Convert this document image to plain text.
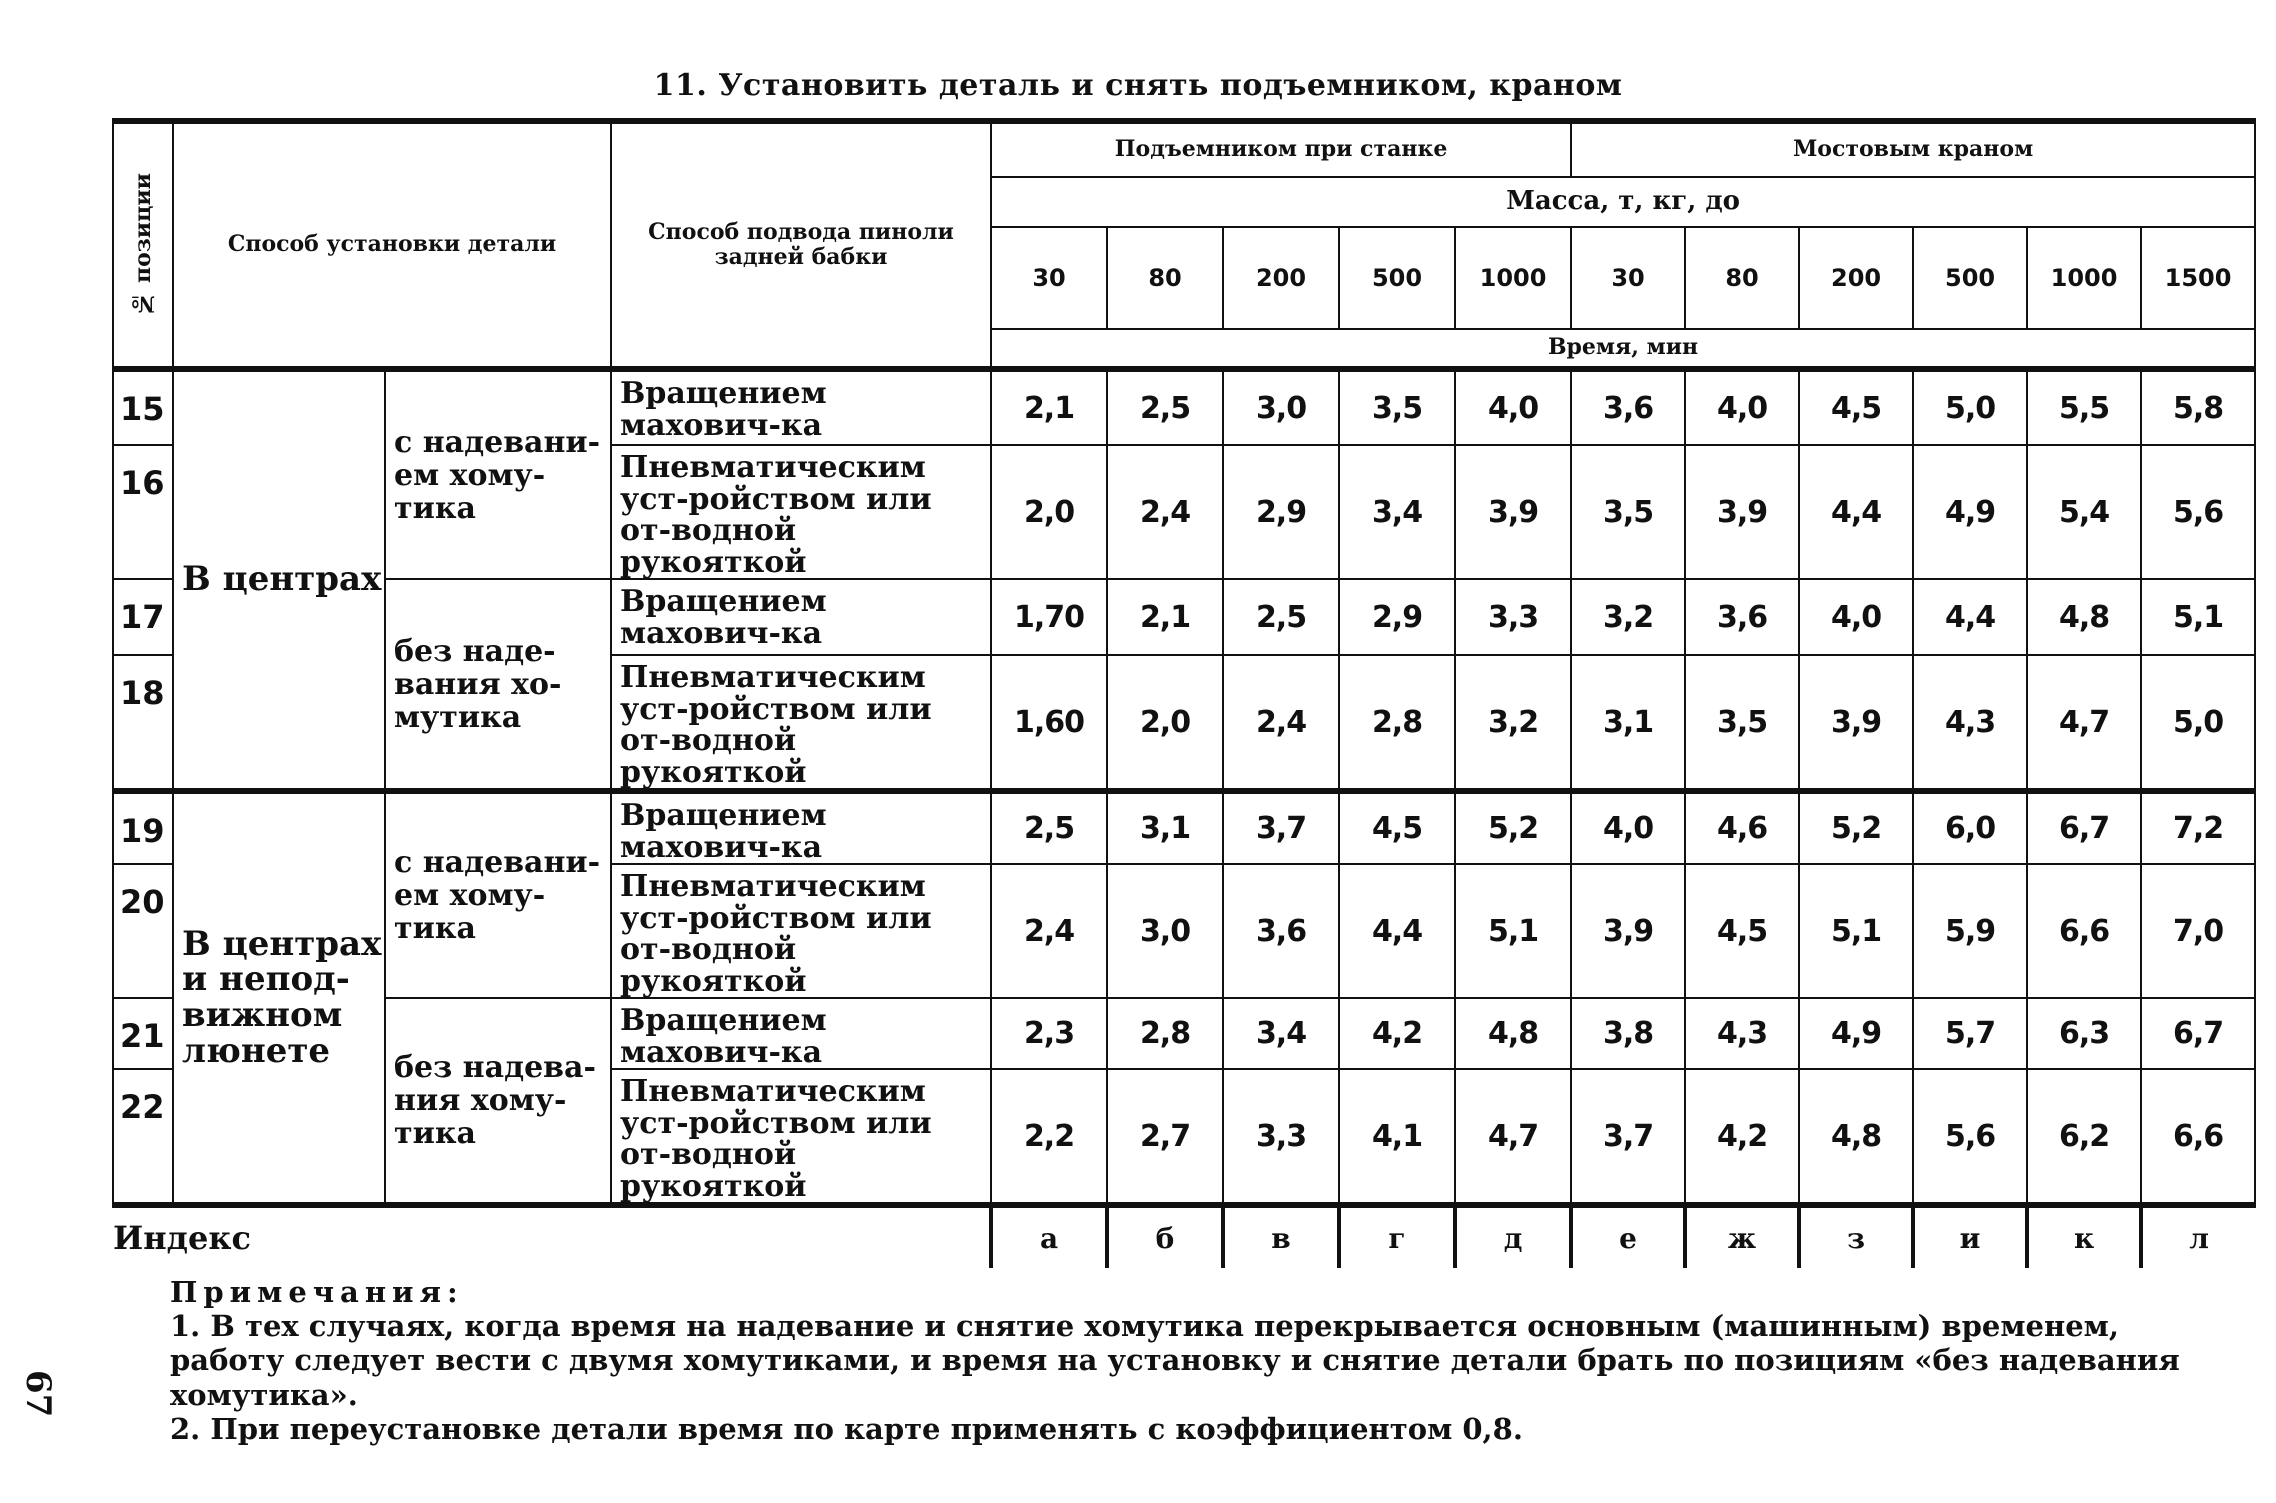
11. Установить деталь и снять подъемником, краном
№ позиции	Способ установки детали		Способ подвода пиноли задней бабки	Подъемником при станке					Мостовым краном					
				Масса, т, кг, до										
				30	80	200	500	1000	30	80	200	500	1000	1500
				Время, мин										
15	В центрах	с надевани-ем хому-тика	Вращением махович-ка	2,1	2,5	3,0	3,5	4,0	3,6	4,0	4,5	5,0	5,5	5,8
16			Пневматическим уст-ройством или от-водной рукояткой	2,0	2,4	2,9	3,4	3,9	3,5	3,9	4,4	4,9	5,4	5,6
17		без наде-вания хо-мутика	Вращением махович-ка	1,70	2,1	2,5	2,9	3,3	3,2	3,6	4,0	4,4	4,8	5,1
18			Пневматическим уст-ройством или от-водной рукояткой	1,60	2,0	2,4	2,8	3,2	3,1	3,5	3,9	4,3	4,7	5,0
19	В центрах и непод-вижном люнете	с надевани-ем хому-тика	Вращением махович-ка	2,5	3,1	3,7	4,5	5,2	4,0	4,6	5,2	6,0	6,7	7,2
20			Пневматическим уст-ройством или от-водной рукояткой	2,4	3,0	3,6	4,4	5,1	3,9	4,5	5,1	5,9	6,6	7,0
21		без надева-ния хому-тика	Вращением махович-ка	2,3	2,8	3,4	4,2	4,8	3,8	4,3	4,9	5,7	6,3	6,7
22			Пневматическим уст-ройством или от-водной рукояткой	2,2	2,7	3,3	4,1	4,7	3,7	4,2	4,8	5,6	6,2	6,6
Индекс				а	б	в	г	д	е	ж	з	и	к	л
Примечания:
1. В тех случаях, когда время на надевание и снятие хомутика перекрывается основным (машинным) временем, работу следует вести с двумя хомутиками, и время на установку и снятие детали брать по позициям «без надевания хомутика».
2. При переустановке детали время по карте применять с коэффициентом 0,8.
67
